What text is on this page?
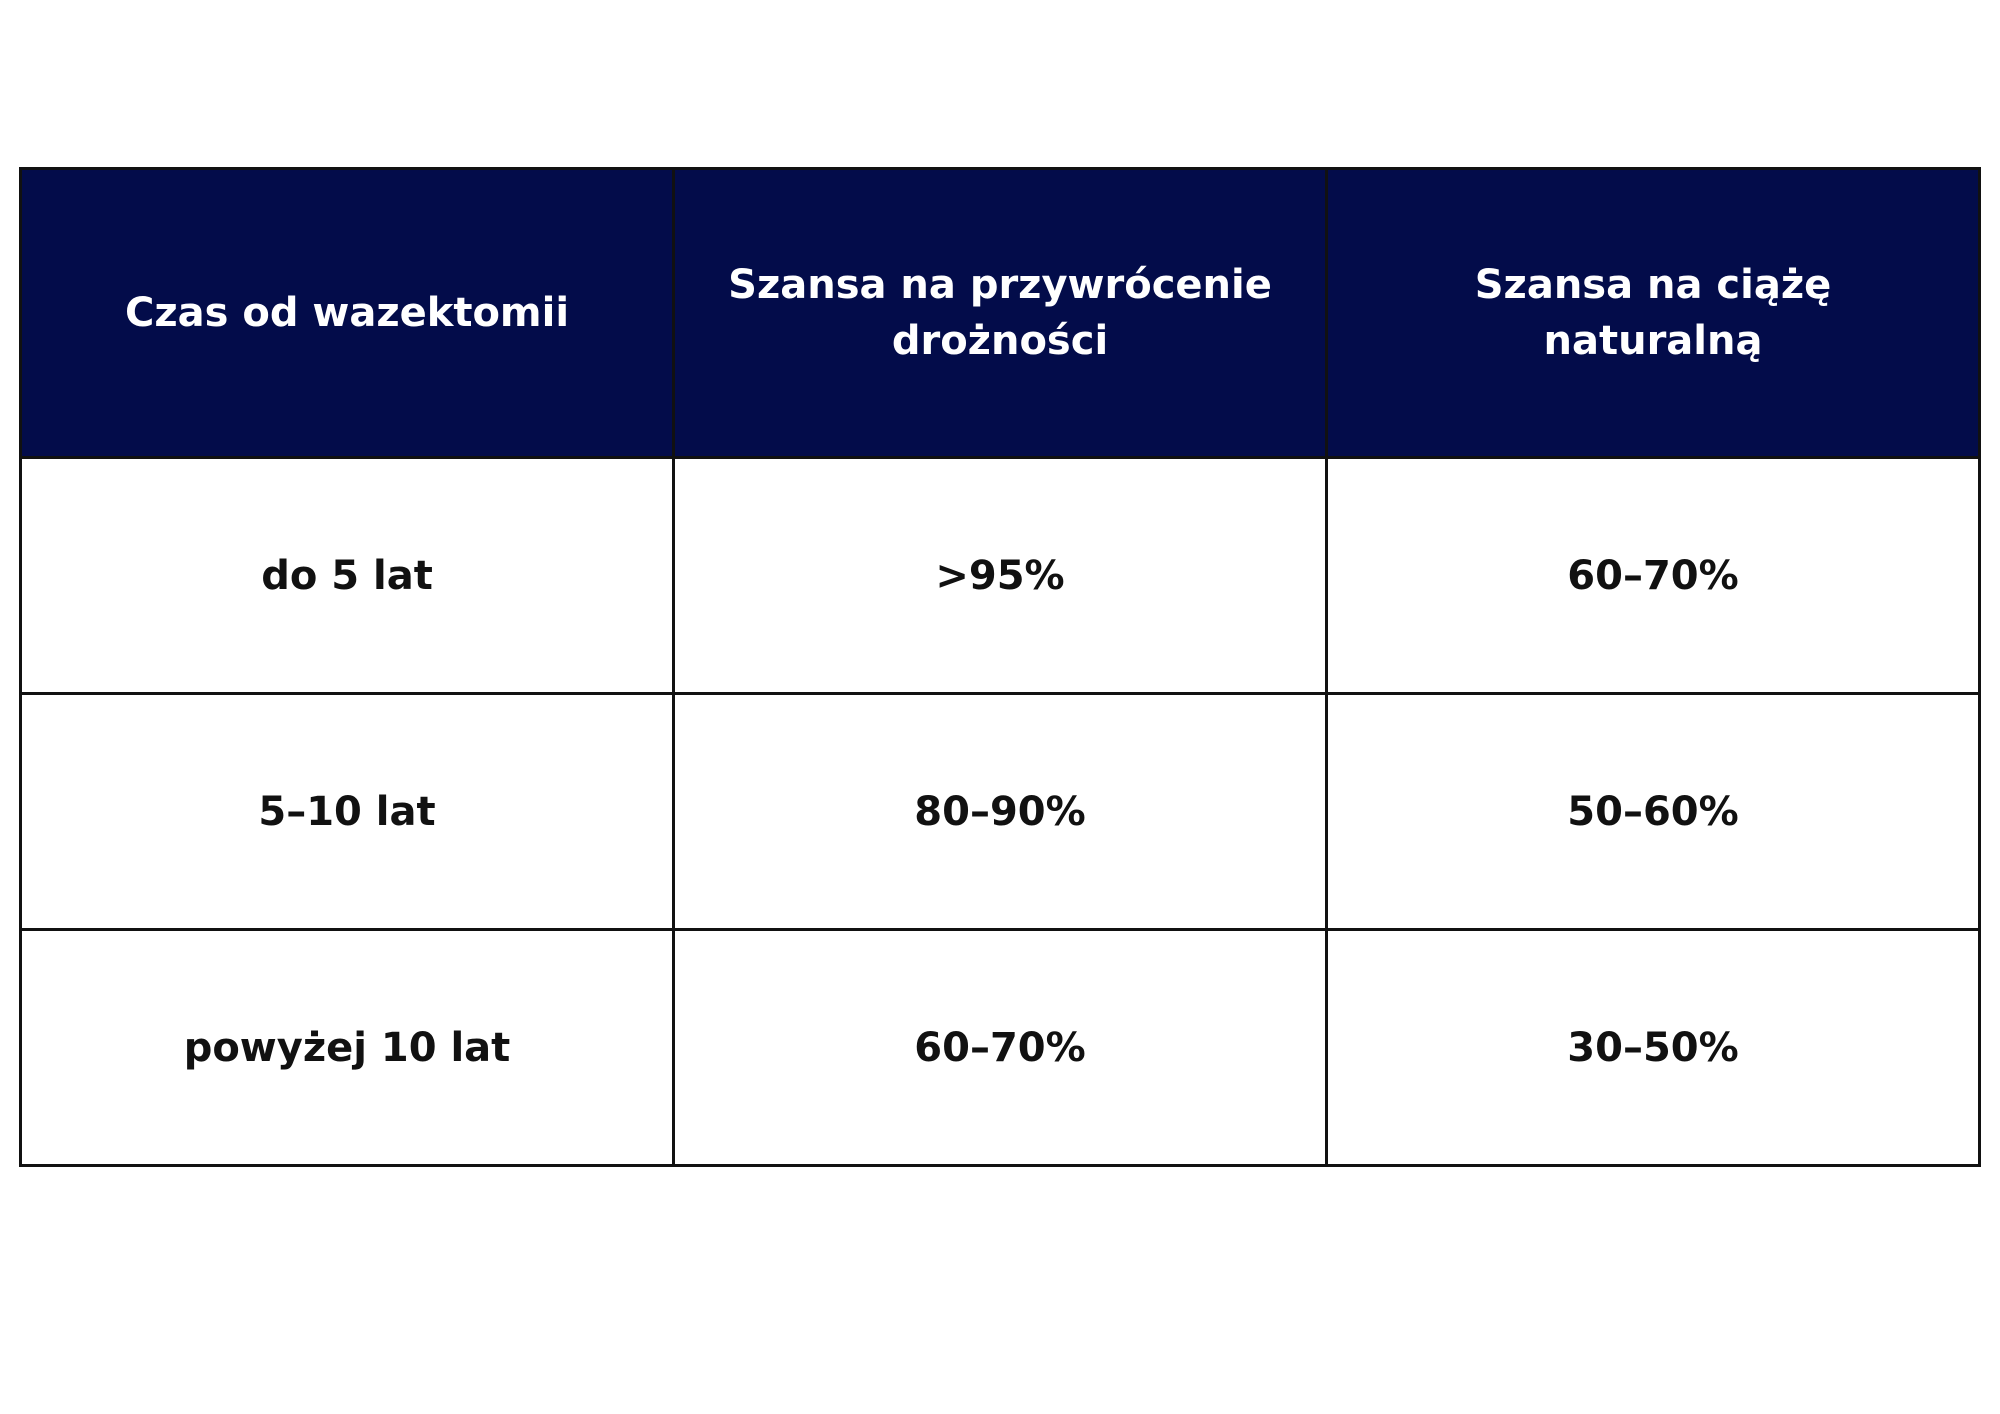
Czas od wazektomii	Szansa na przywrócenie drożności	Szansa na ciążę naturalną
do 5 lat	>95%	60–70%
5–10 lat	80–90%	50–60%
powyżej 10 lat	60–70%	30–50%
